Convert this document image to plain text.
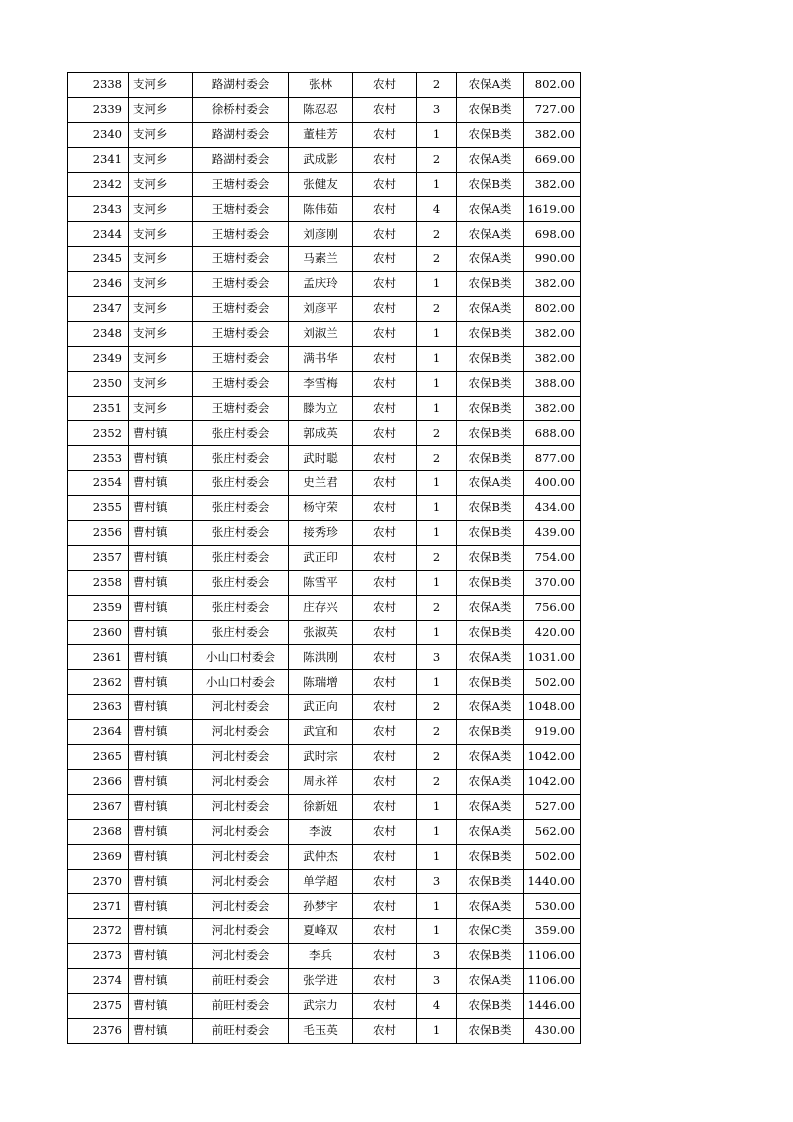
2338	支河乡	路湖村委会	张林	农村	2	农保A类	802.00
2339	支河乡	徐桥村委会	陈忍忍	农村	3	农保B类	727.00
2340	支河乡	路湖村委会	董桂芳	农村	1	农保B类	382.00
2341	支河乡	路湖村委会	武成影	农村	2	农保A类	669.00
2342	支河乡	王塘村委会	张健友	农村	1	农保B类	382.00
2343	支河乡	王塘村委会	陈伟茹	农村	4	农保A类	1619.00
2344	支河乡	王塘村委会	刘彦刚	农村	2	农保A类	698.00
2345	支河乡	王塘村委会	马素兰	农村	2	农保A类	990.00
2346	支河乡	王塘村委会	孟庆玲	农村	1	农保B类	382.00
2347	支河乡	王塘村委会	刘彦平	农村	2	农保A类	802.00
2348	支河乡	王塘村委会	刘淑兰	农村	1	农保B类	382.00
2349	支河乡	王塘村委会	满书华	农村	1	农保B类	382.00
2350	支河乡	王塘村委会	李雪梅	农村	1	农保B类	388.00
2351	支河乡	王塘村委会	滕为立	农村	1	农保B类	382.00
2352	曹村镇	张庄村委会	郭成英	农村	2	农保B类	688.00
2353	曹村镇	张庄村委会	武时聪	农村	2	农保B类	877.00
2354	曹村镇	张庄村委会	史兰君	农村	1	农保A类	400.00
2355	曹村镇	张庄村委会	杨守荣	农村	1	农保B类	434.00
2356	曹村镇	张庄村委会	接秀珍	农村	1	农保B类	439.00
2357	曹村镇	张庄村委会	武正印	农村	2	农保B类	754.00
2358	曹村镇	张庄村委会	陈雪平	农村	1	农保B类	370.00
2359	曹村镇	张庄村委会	庄存兴	农村	2	农保A类	756.00
2360	曹村镇	张庄村委会	张淑英	农村	1	农保B类	420.00
2361	曹村镇	小山口村委会	陈洪刚	农村	3	农保A类	1031.00
2362	曹村镇	小山口村委会	陈瑞增	农村	1	农保B类	502.00
2363	曹村镇	河北村委会	武正向	农村	2	农保A类	1048.00
2364	曹村镇	河北村委会	武宜和	农村	2	农保B类	919.00
2365	曹村镇	河北村委会	武时宗	农村	2	农保A类	1042.00
2366	曹村镇	河北村委会	周永祥	农村	2	农保A类	1042.00
2367	曹村镇	河北村委会	徐新妞	农村	1	农保A类	527.00
2368	曹村镇	河北村委会	李波	农村	1	农保A类	562.00
2369	曹村镇	河北村委会	武仲杰	农村	1	农保B类	502.00
2370	曹村镇	河北村委会	单学超	农村	3	农保B类	1440.00
2371	曹村镇	河北村委会	孙梦宇	农村	1	农保A类	530.00
2372	曹村镇	河北村委会	夏峰双	农村	1	农保C类	359.00
2373	曹村镇	河北村委会	李兵	农村	3	农保B类	1106.00
2374	曹村镇	前旺村委会	张学进	农村	3	农保A类	1106.00
2375	曹村镇	前旺村委会	武宗力	农村	4	农保B类	1446.00
2376	曹村镇	前旺村委会	毛玉英	农村	1	农保B类	430.00
